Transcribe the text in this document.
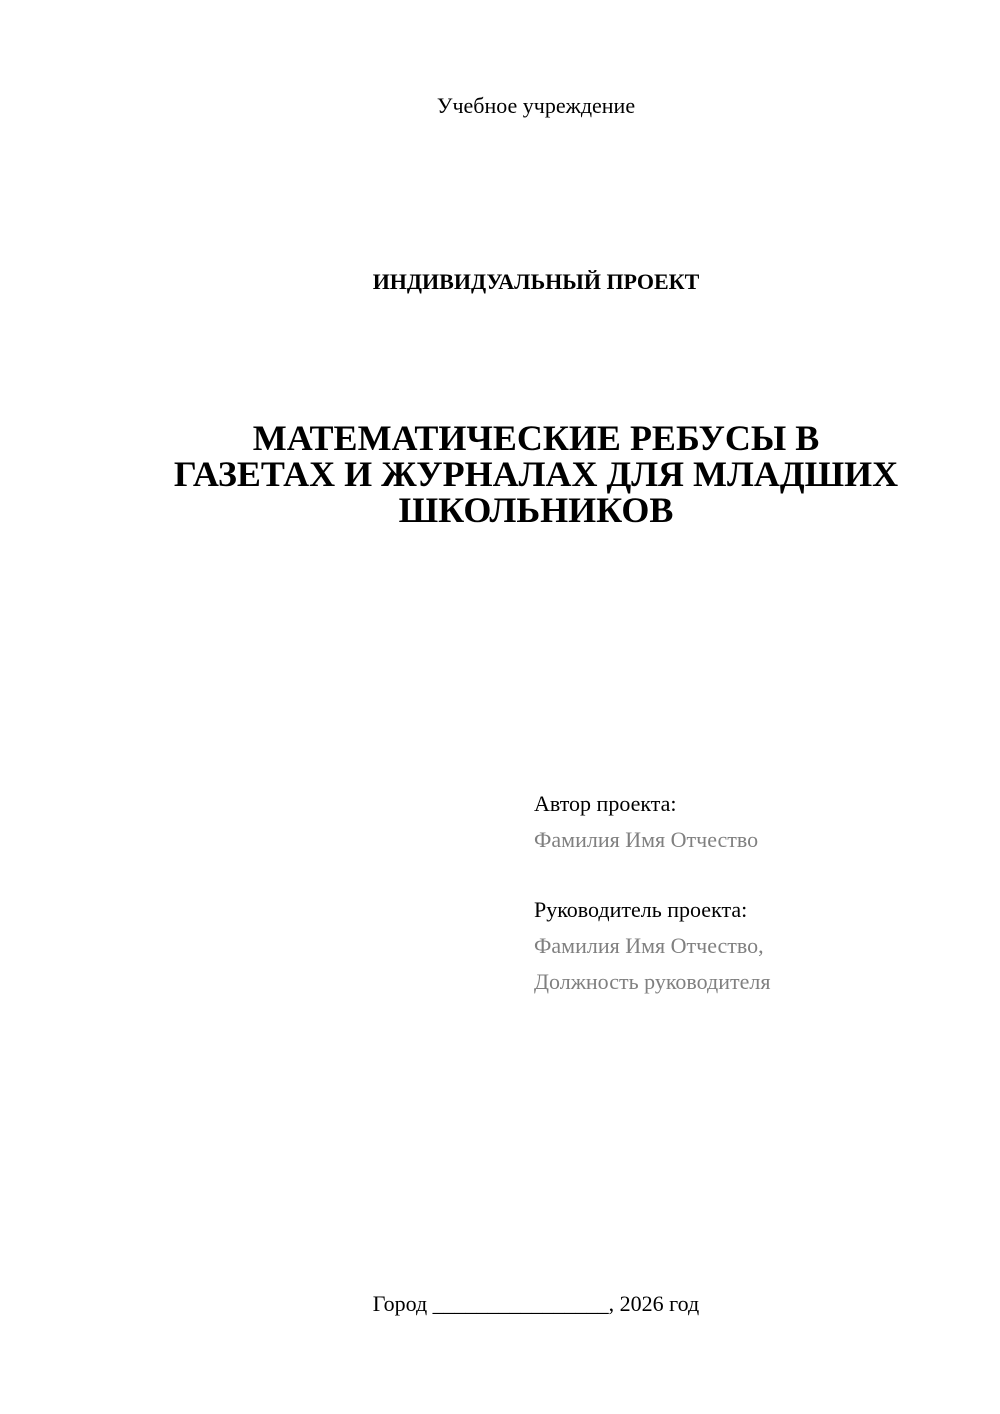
Учебное учреждение
ИНДИВИДУАЛЬНЫЙ ПРОЕКТ
МАТЕМАТИЧЕСКИЕ РЕБУСЫ В
ГАЗЕТАХ И ЖУРНАЛАХ ДЛЯ МЛАДШИХ
ШКОЛЬНИКОВ
Автор проекта:
Фамилия Имя Отчество
Руководитель проекта:
Фамилия Имя Отчество,
Должность руководителя
Город ________________, 2026 год
